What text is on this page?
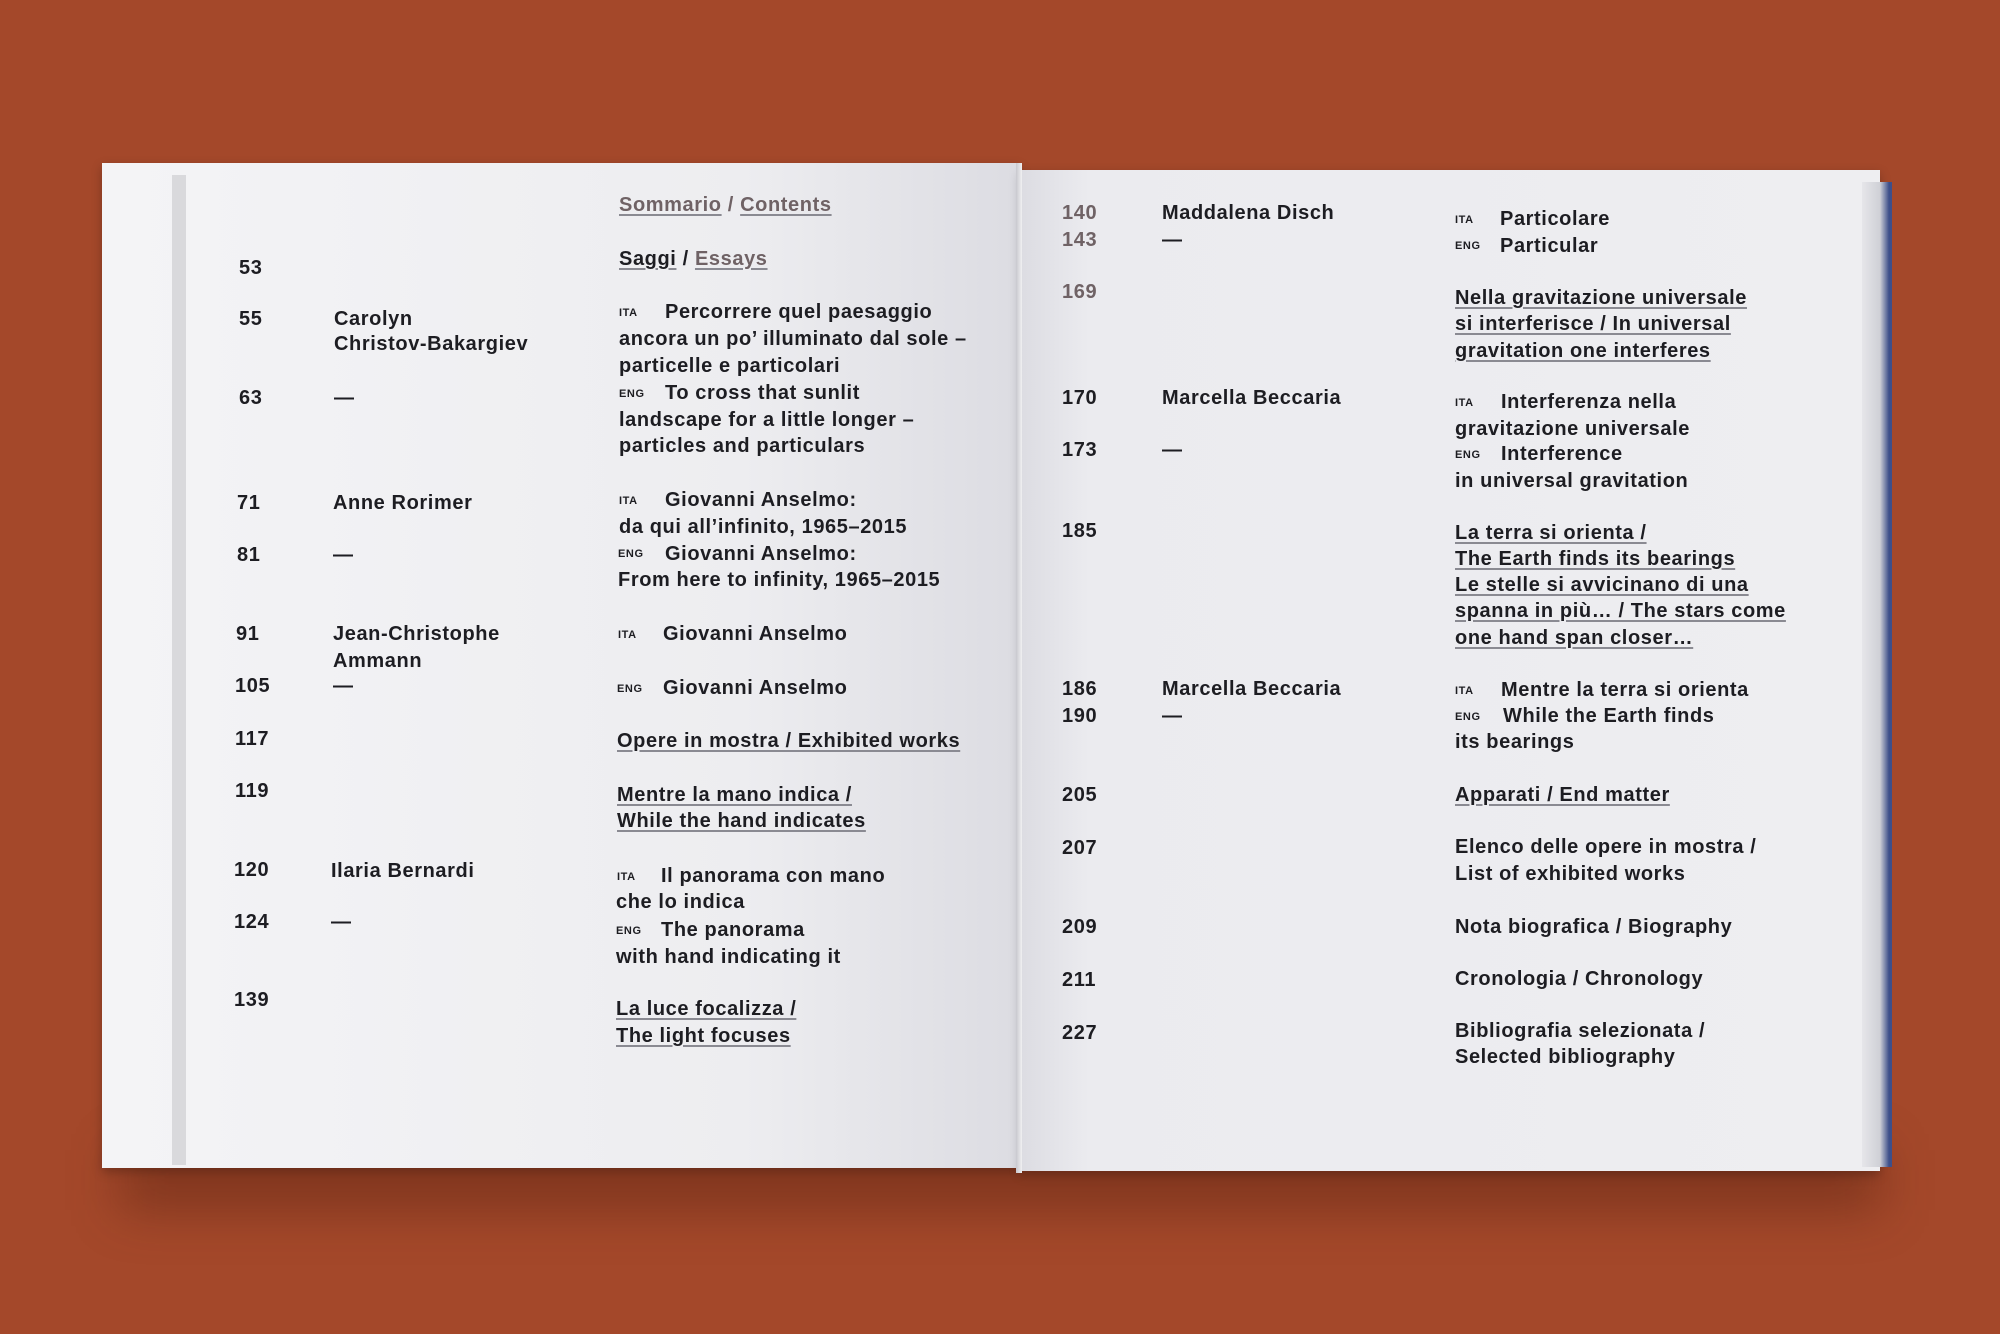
Sommario / Contents
Saggi / Essays
53
55
63
71
81
91
105
117
119
120
124
139
Carolyn
Christov-Bakargiev
—
Anne Rorimer
—
Jean-Christophe
Ammann
—
Ilaria Bernardi
—
ITA Percorrere quel paesaggio
ancora un po’ illuminato dal sole –
particelle e particolari
ENG To cross that sunlit
landscape for a little longer –
particles and particulars
ITA Giovanni Anselmo:
da qui all’infinito, 1965–2015
ENG Giovanni Anselmo:
From here to infinity, 1965–2015
ITA Giovanni Anselmo
ENG Giovanni Anselmo
Opere in mostra / Exhibited works
Mentre la mano indica /
While the hand indicates
ITA Il panorama con mano
che lo indica
ENG The panorama
with hand indicating it
La luce focalizza /
The light focuses
140
143
169
170
173
185
186
190
205
207
209
211
227
Maddalena Disch
—
Marcella Beccaria
—
Marcella Beccaria
—
ITA Particolare
ENG Particular
Nella gravitazione universale
si interferisce / In universal
gravitation one interferes
ITA Interferenza nella
gravitazione universale
ENG Interference
in universal gravitation
La terra si orienta /
The Earth finds its bearings
Le stelle si avvicinano di una
spanna in più… / The stars come
one hand span closer…
ITA Mentre la terra si orienta
ENG While the Earth finds
its bearings
Apparati / End matter
Elenco delle opere in mostra /
List of exhibited works
Nota biografica / Biography
Cronologia / Chronology
Bibliografia selezionata /
Selected bibliography
